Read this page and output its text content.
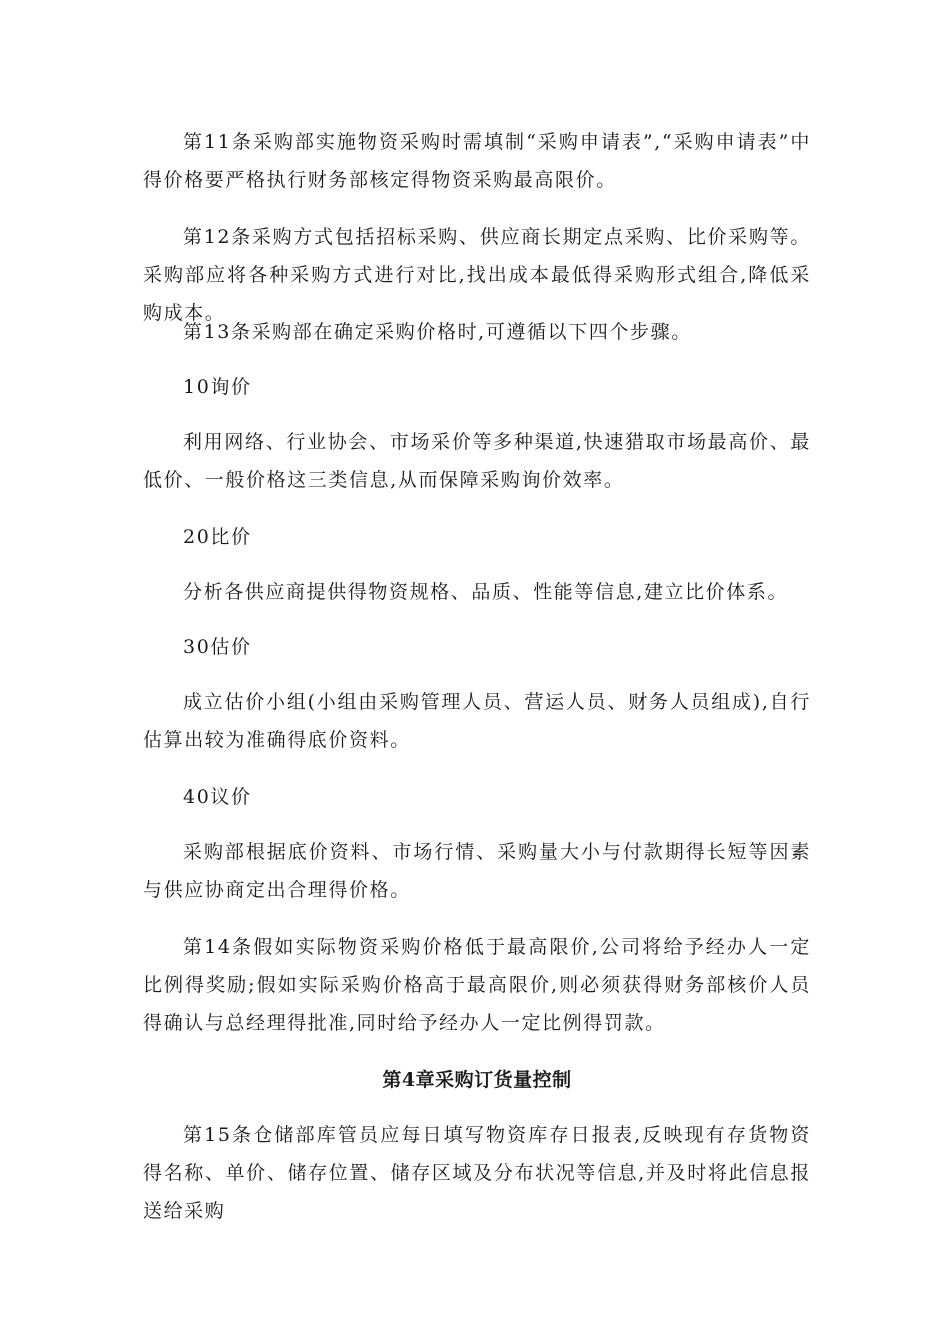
第11条采购部实施物资采购时需填制“采购申请表”,“采购申请表”中得价格要严格执行财务部核定得物资采购最高限价。

第12条采购方式包括招标采购、供应商长期定点采购、比价采购等。采购部应将各种采购方式进行对比,找出成本最低得采购形式组合,降低采购成本。

第13条采购部在确定采购价格时,可遵循以下四个步骤。

10询价

利用网络、行业协会、市场采价等多种渠道,快速猎取市场最高价、最低价、一般价格这三类信息,从而保障采购询价效率。

20比价

分析各供应商提供得物资规格、品质、性能等信息,建立比价体系。

30估价

成立估价小组(小组由采购管理人员、营运人员、财务人员组成),自行估算出较为准确得底价资料。

40议价

采购部根据底价资料、市场行情、采购量大小与付款期得长短等因素与供应协商定出合理得价格。

第14条假如实际物资采购价格低于最高限价,公司将给予经办人一定比例得奖励;假如实际采购价格高于最高限价,则必须获得财务部核价人员得确认与总经理得批准,同时给予经办人一定比例得罚款。

第4章采购订货量控制

第15条仓储部库管员应每日填写物资库存日报表,反映现有存货物资得名称、单价、储存位置、储存区域及分布状况等信息,并及时将此信息报送给采购
